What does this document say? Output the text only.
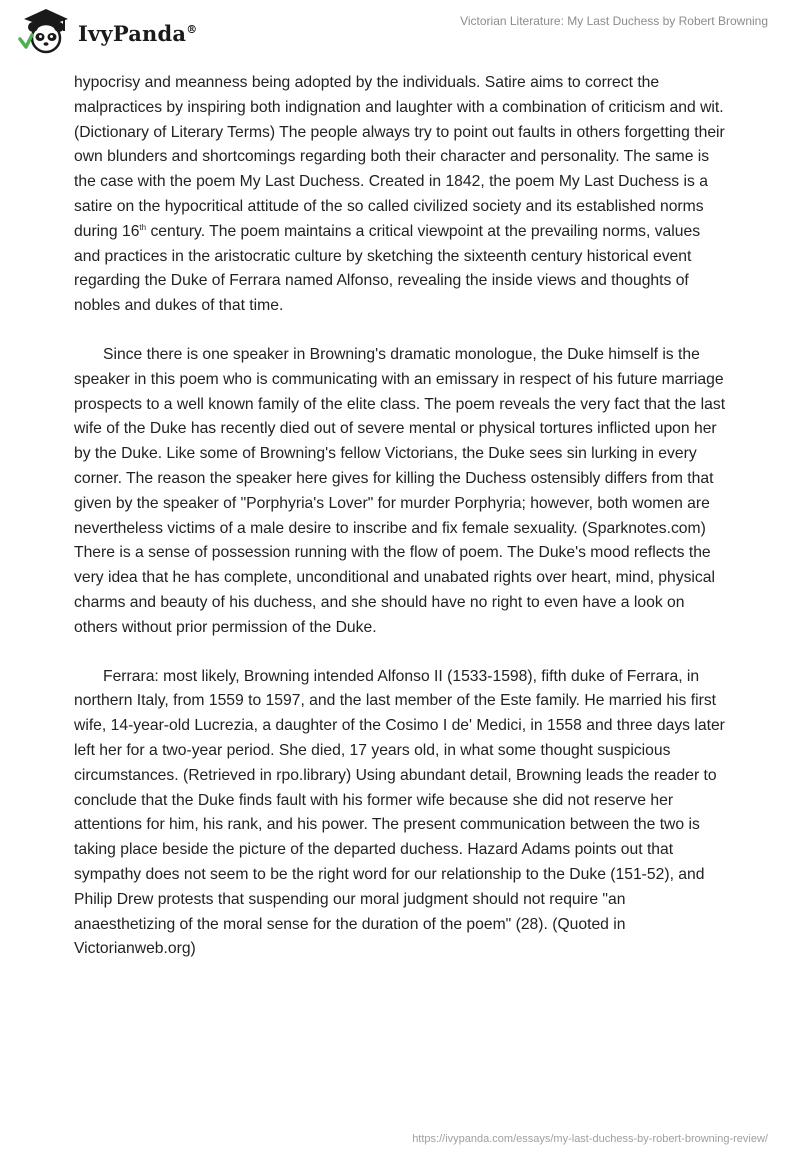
IvyPanda®
Victorian Literature: My Last Duchess by Robert Browning

hypocrisy and meanness being adopted by the individuals. Satire aims to correct the malpractices by inspiring both indignation and laughter with a combination of criticism and wit. (Dictionary of Literary Terms) The people always try to point out faults in others forgetting their own blunders and shortcomings regarding both their character and personality. The same is the case with the poem My Last Duchess. Created in 1842, the poem My Last Duchess is a satire on the hypocritical attitude of the so called civilized society and its established norms during 16th century. The poem maintains a critical viewpoint at the prevailing norms, values and practices in the aristocratic culture by sketching the sixteenth century historical event regarding the Duke of Ferrara named Alfonso, revealing the inside views and thoughts of nobles and dukes of that time.

Since there is one speaker in Browning's dramatic monologue, the Duke himself is the speaker in this poem who is communicating with an emissary in respect of his future marriage prospects to a well known family of the elite class. The poem reveals the very fact that the last wife of the Duke has recently died out of severe mental or physical tortures inflicted upon her by the Duke. Like some of Browning's fellow Victorians, the Duke sees sin lurking in every corner. The reason the speaker here gives for killing the Duchess ostensibly differs from that given by the speaker of "Porphyria's Lover" for murder Porphyria; however, both women are nevertheless victims of a male desire to inscribe and fix female sexuality. (Sparknotes.com) There is a sense of possession running with the flow of poem. The Duke's mood reflects the very idea that he has complete, unconditional and unabated rights over heart, mind, physical charms and beauty of his duchess, and she should have no right to even have a look on others without prior permission of the Duke.

Ferrara: most likely, Browning intended Alfonso II (1533-1598), fifth duke of Ferrara, in northern Italy, from 1559 to 1597, and the last member of the Este family. He married his first wife, 14-year-old Lucrezia, a daughter of the Cosimo I de' Medici, in 1558 and three days later left her for a two-year period. She died, 17 years old, in what some thought suspicious circumstances. (Retrieved in rpo.library) Using abundant detail, Browning leads the reader to conclude that the Duke finds fault with his former wife because she did not reserve her attentions for him, his rank, and his power. The present communication between the two is taking place beside the picture of the departed duchess. Hazard Adams points out that sympathy does not seem to be the right word for our relationship to the Duke (151-52), and Philip Drew protests that suspending our moral judgment should not require "an anaesthetizing of the moral sense for the duration of the poem" (28). (Quoted in Victorianweb.org)

https://ivypanda.com/essays/my-last-duchess-by-robert-browning-review/
